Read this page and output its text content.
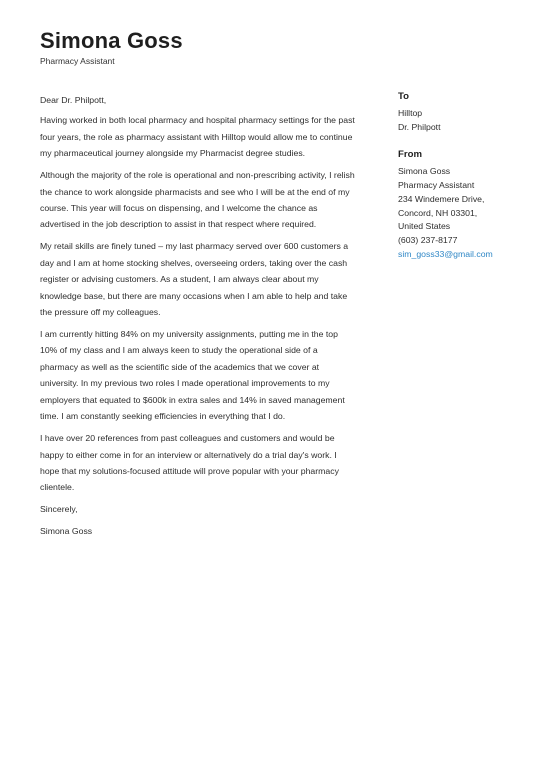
Simona Goss
Pharmacy Assistant

Dear Dr. Philpott,

Having worked in both local pharmacy and hospital pharmacy settings for the past four years, the role as pharmacy assistant with Hilltop would allow me to continue my pharmaceutical journey alongside my Pharmacist degree studies.

Although the majority of the role is operational and non-prescribing activity, I relish the chance to work alongside pharmacists and see who I will be at the end of my course. This year will focus on dispensing, and I welcome the chance as advertised in the job description to assist in that respect where required.

My retail skills are finely tuned – my last pharmacy served over 600 customers a day and I am at home stocking shelves, overseeing orders, taking over the cash register or advising customers. As a student, I am always clear about my knowledge base, but there are many occasions when I am able to help and take the pressure off my colleagues.

I am currently hitting 84% on my university assignments, putting me in the top 10% of my class and I am always keen to study the operational side of a pharmacy as well as the scientific side of the academics that we cover at university. In my previous two roles I made operational improvements to my employers that equated to $600k in extra sales and 14% in saved management time. I am constantly seeking efficiencies in everything that I do.

I have over 20 references from past colleagues and customers and would be happy to either come in for an interview or alternatively do a trial day's work. I hope that my solutions-focused attitude will prove popular with your pharmacy clientele.

Sincerely,

Simona Goss

To
Hilltop
Dr. Philpott
From
Simona Goss
Pharmacy Assistant
234 Windemere Drive,
Concord, NH 03301,
United States
(603) 237-8177
sim_goss33@gmail.com
